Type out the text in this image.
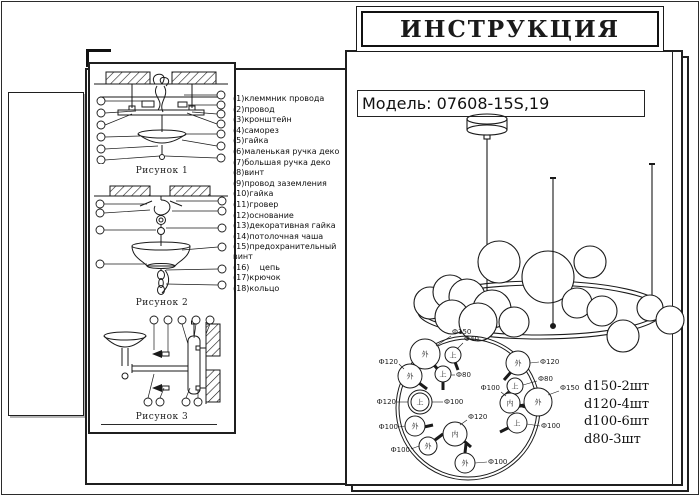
Рисунок 1
Рисунок 2
Рисунок 3
(1)клеммник провода
(2)провод
(3)кронштейн
(4)саморез
(5)гайка
(6)маленькая ручка деко
(7)большая ручка деко
(8)винт
(9)провод заземления
(10)гайка
(11)гровер
(12)основание
(13)декоративная гайка
(14)потолочная чаша
(15)предохранительный винт
(16)    цепь
(17)крючок
(18)кольцо
Модель: 07608-15S,19
外	上
外	上
上
外
外
内
外
外
上
内	外
上
Ф150
Ф40
Ф120
Ф80
Ф120	Ф100
Ф100
Ф100
Ф120
Ф100
Ф120
Ф80
Ф100	Ф150
Ф100
d150-2шт
d120-4шт
d100-6шт
d80-3шт
ИНСТРУКЦИЯ
